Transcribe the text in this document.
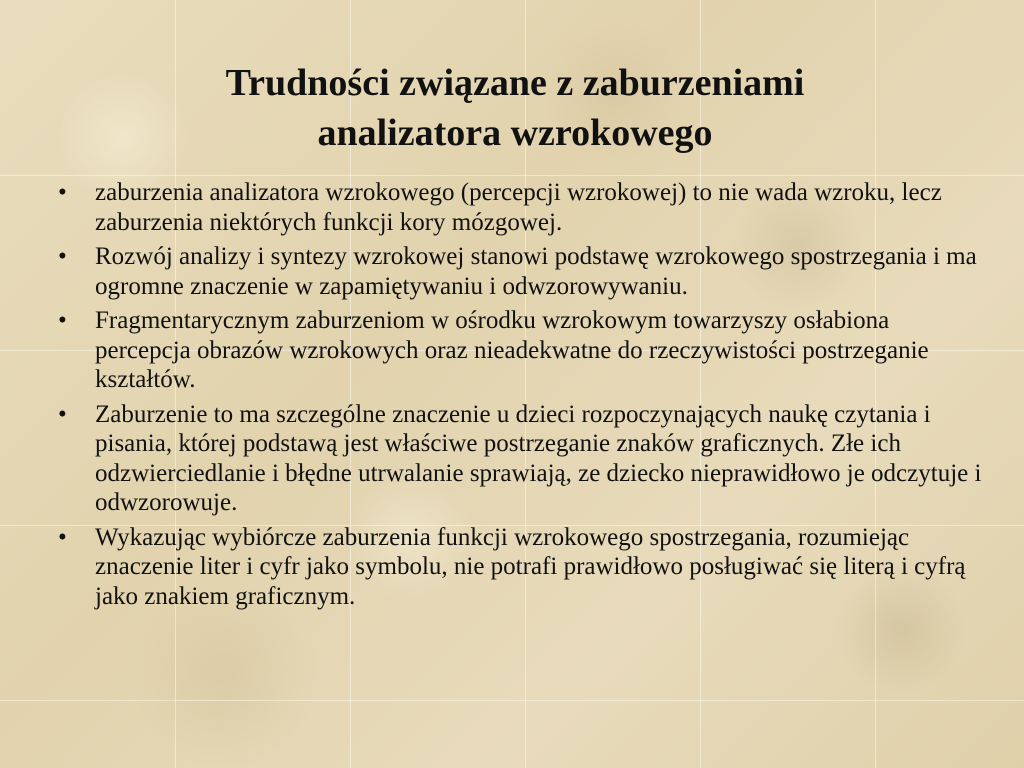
Trudności związane z zaburzeniami
analizatora wzrokowego
• zaburzenia analizatora wzrokowego (percepcji wzrokowej) to nie wada wzroku, lecz zaburzenia niektórych funkcji kory mózgowej.
• Rozwój analizy i syntezy wzrokowej stanowi podstawę wzrokowego spostrzegania i ma ogromne znaczenie w zapamiętywaniu i odwzorowywaniu.
• Fragmentarycznym zaburzeniom w ośrodku wzrokowym towarzyszy osłabiona percepcja obrazów wzrokowych oraz nieadekwatne do rzeczywistości postrzeganie kształtów.
• Zaburzenie to ma szczególne znaczenie u dzieci rozpoczynających naukę czytania i pisania, której podstawą jest właściwe postrzeganie znaków graficznych. Złe ich odzwierciedlanie i błędne utrwalanie sprawiają, ze dziecko nieprawidłowo je odczytuje i odwzorowuje.
• Wykazując wybiórcze zaburzenia funkcji wzrokowego spostrzegania, rozumiejąc znaczenie liter i cyfr jako symbolu, nie potrafi prawidłowo posługiwać się literą i cyfrą jako znakiem graficznym.
